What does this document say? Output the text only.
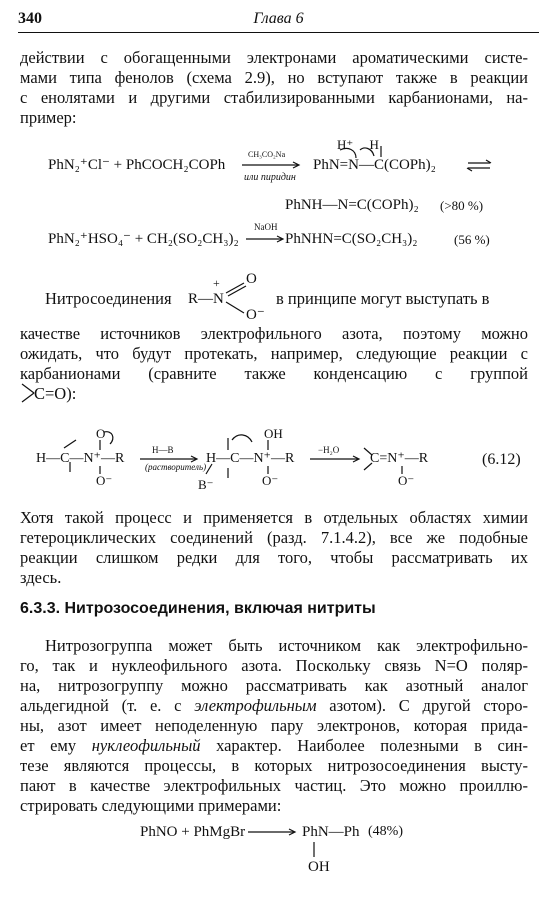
340	Глава 6
действии с обогащенными электронами ароматическими систе-
мами типа фенолов (схема 2.9), но вступают также в реакции
с енолятами и другими стабилизированными карбанионами, на-
пример:
PhN₂⁺Cl⁻ + PhCOCH₂COPh
CH₃CO₂Na
или пиридин
H⁺     H
PhN=N—C(COPh)₂
PhNH—N=C(COPh)₂ (>80 %)
PhN₂⁺HSO₄⁻ + CH₂(SO₂CH₃)₂
NaOH
PhNHN=C(SO₂CH₃)₂	(56 %)
Нитросоединения R—N
+ O
O⁻
в принципе могут выступать в
качестве источников электрофильного азота, поэтому можно
ожидать, что будут протекать, например, следующие реакции с
карбанионами (сравните также конденсацию с группой
C=O):
H—C—N⁺—R
O
O⁻
H—B
(растворитель)
H—C—N⁺—R
OH
O⁻
B⁻
−H₂O
C=N⁺—R
O⁻
(6.12)
Хотя такой процесс и применяется в отдельных областях химии
гетероциклических соединений (разд. 7.1.4.2), все же подобные
реакции слишком редки для того, чтобы рассматривать их
здесь.
6.3.3. Нитрозосоединения, включая нитриты
Нитрозогруппа может быть источником как электрофильно-
го, так и нуклеофильного азота. Поскольку связь N=O поляр-
на, нитрозогруппу можно рассматривать как азотный аналог
альдегидной (т. е. с электрофильным азотом). С другой сторо-
ны, азот имеет неподеленную пару электронов, которая прида-
ет ему нуклеофильный характер. Наиболее полезными в син-
тезе являются процессы, в которых нитрозосоединения высту-
пают в качестве электрофильных частиц. Это можно проиллю-
стрировать следующими примерами:
PhNO + PhMgBr	PhN—Ph
OH
(48%)
